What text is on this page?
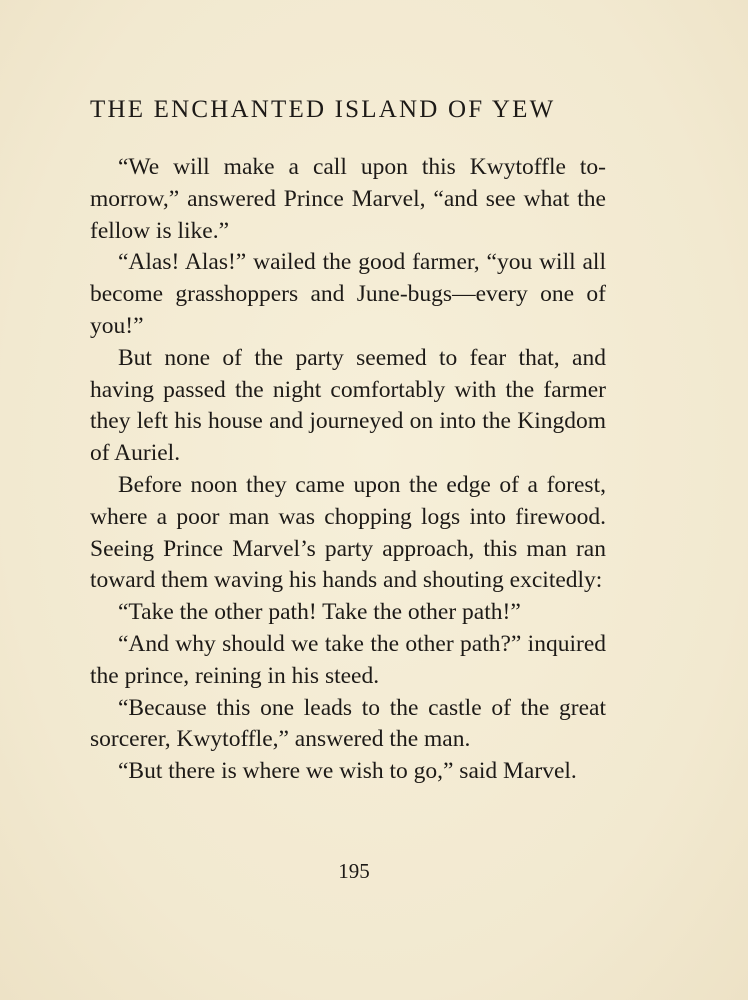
THE ENCHANTED ISLAND OF YEW

“We will make a call upon this Kwytoffle to-morrow,” answered Prince Marvel, “and see what the fellow is like.”

“Alas! Alas!” wailed the good farmer, “you will all become grasshoppers and June-bugs—every one of you!”

But none of the party seemed to fear that, and having passed the night comfortably with the farmer they left his house and journeyed on into the Kingdom of Auriel.

Before noon they came upon the edge of a forest, where a poor man was chopping logs into firewood. Seeing Prince Marvel’s party approach, this man ran toward them waving his hands and shouting excitedly:

“Take the other path! Take the other path!”

“And why should we take the other path?” inquired the prince, reining in his steed.

“Because this one leads to the castle of the great sorcerer, Kwytoffle,” answered the man.

“But there is where we wish to go,” said Marvel.

195
